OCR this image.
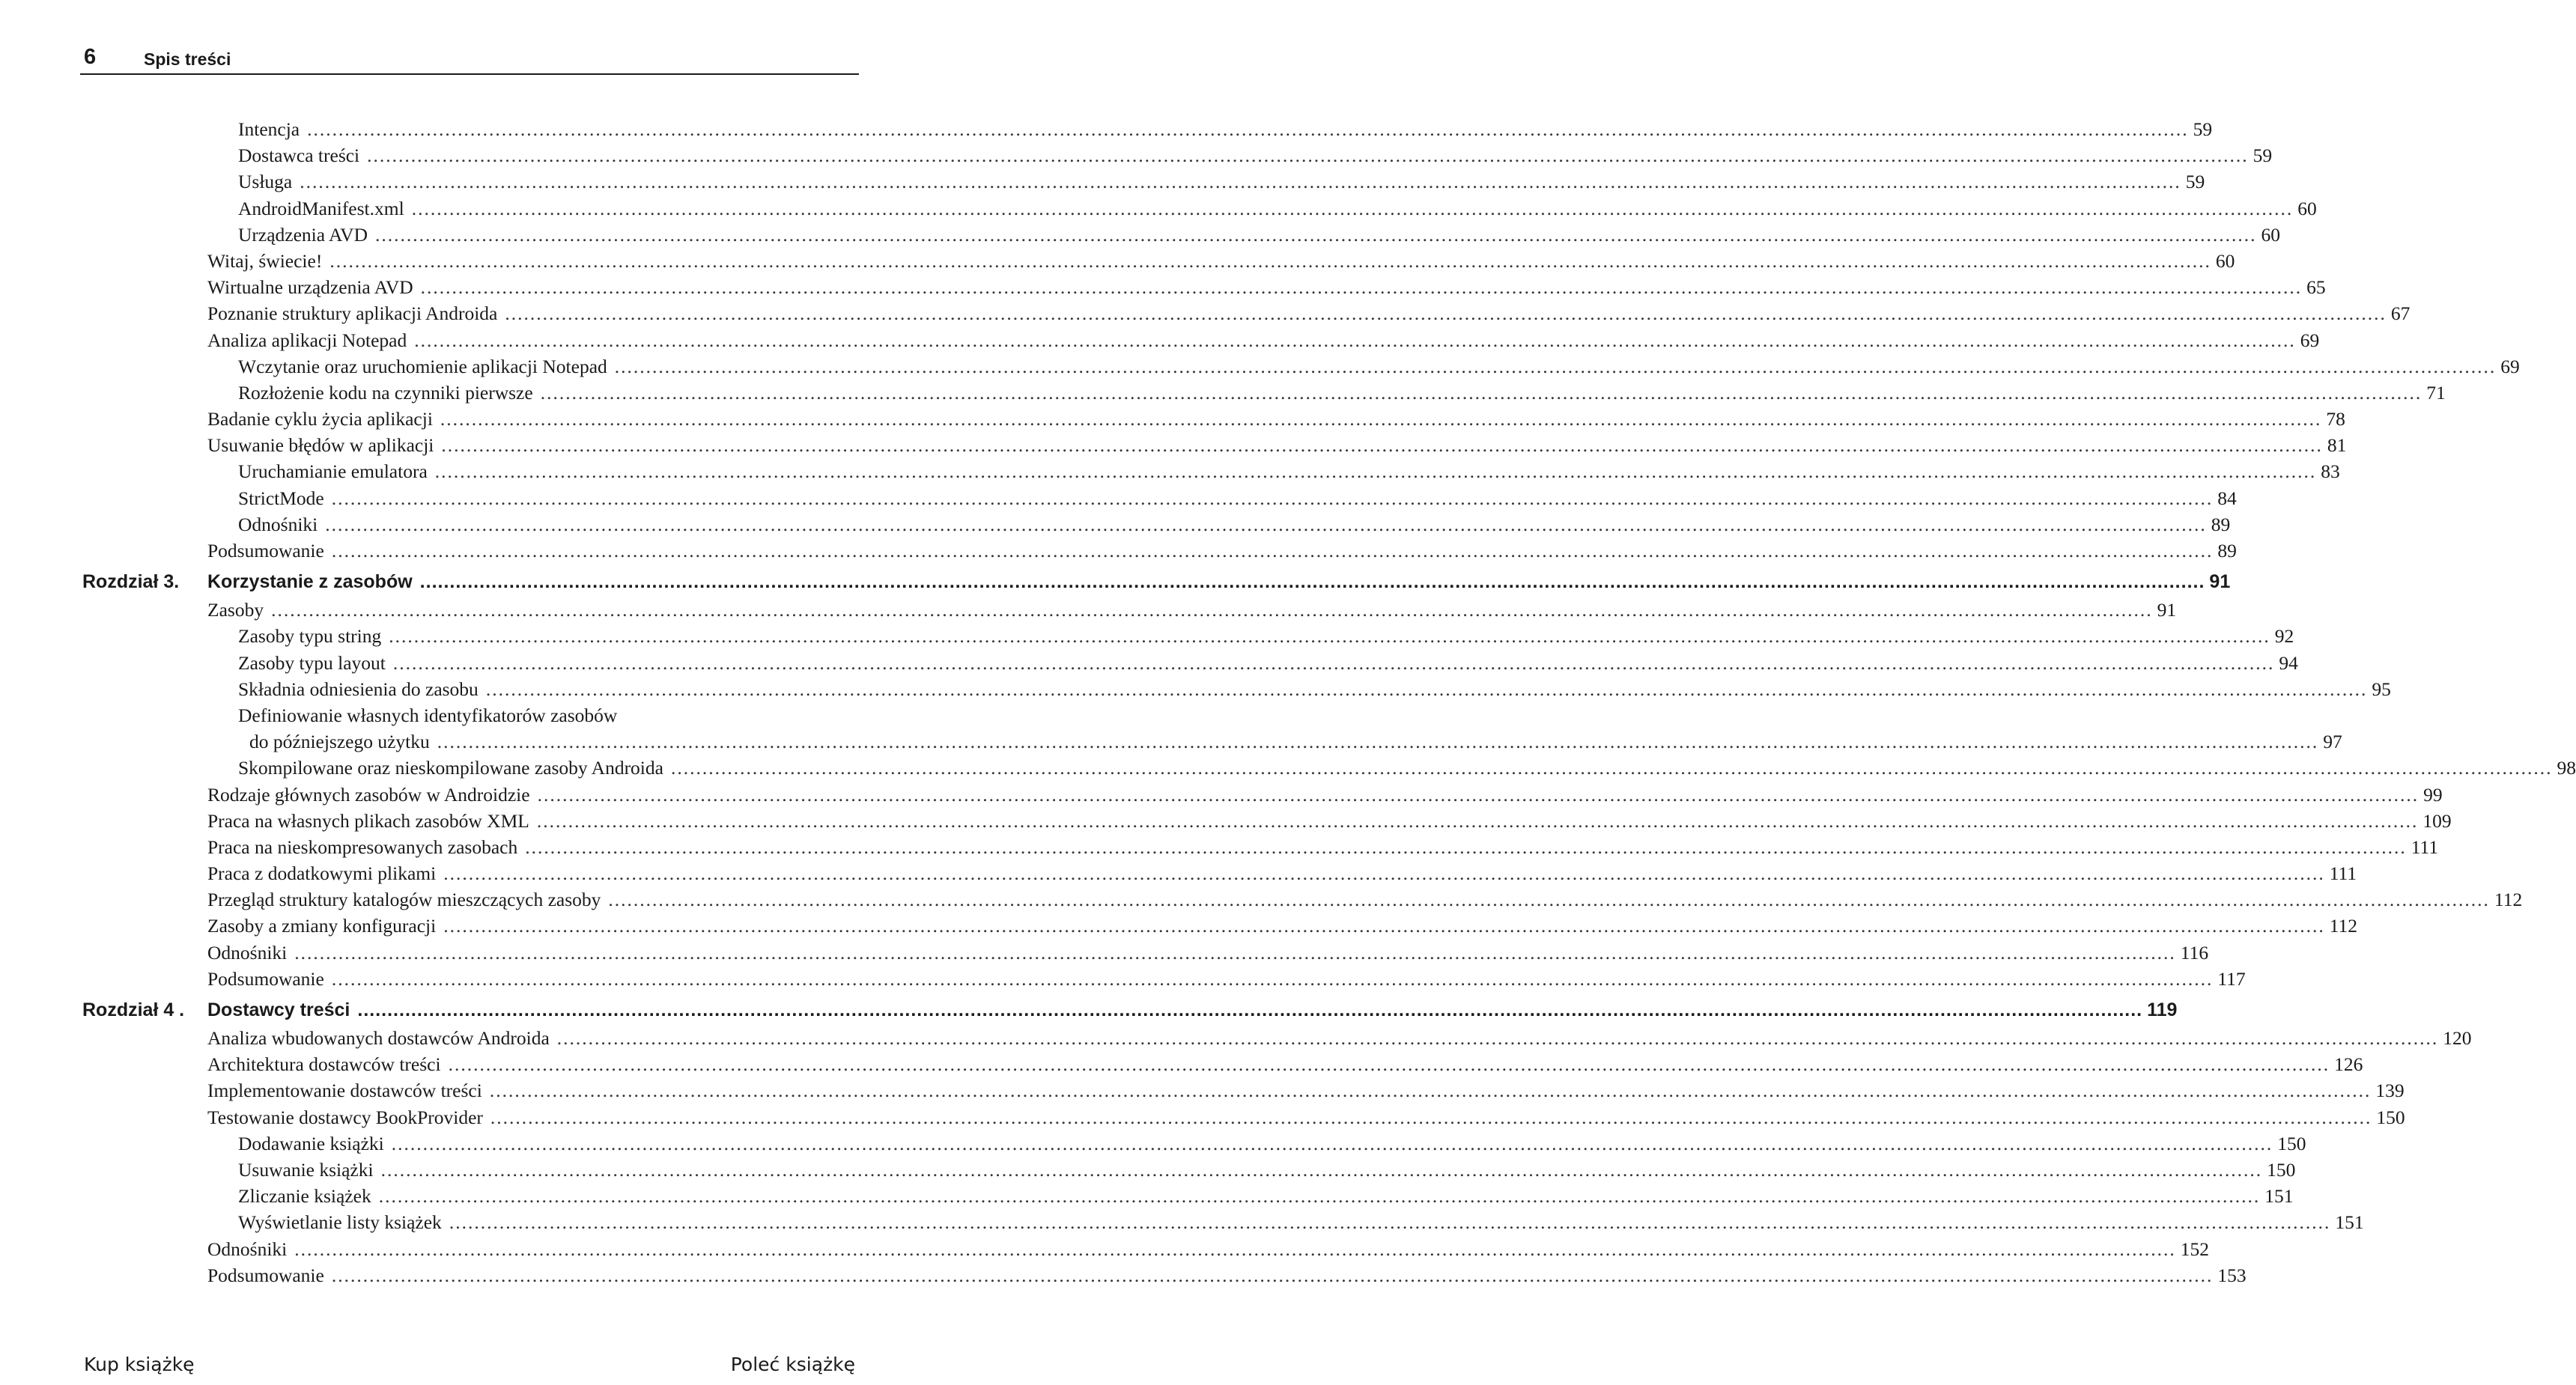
6	Spis treści
Intencja ............................................................................................................................................................................................................................................................................................................ 59
Dostawca treści ............................................................................................................................................................................................................................................................................................................ 59
Usługa ............................................................................................................................................................................................................................................................................................................ 59
AndroidManifest.xml ............................................................................................................................................................................................................................................................................................................ 60
Urządzenia AVD ............................................................................................................................................................................................................................................................................................................ 60
Witaj, świecie! ............................................................................................................................................................................................................................................................................................................ 60
Wirtualne urządzenia AVD ............................................................................................................................................................................................................................................................................................................ 65
Poznanie struktury aplikacji Androida ............................................................................................................................................................................................................................................................................................................ 67
Analiza aplikacji Notepad ............................................................................................................................................................................................................................................................................................................ 69
Wczytanie oraz uruchomienie aplikacji Notepad ............................................................................................................................................................................................................................................................................................................ 69
Rozłożenie kodu na czynniki pierwsze ............................................................................................................................................................................................................................................................................................................ 71
Badanie cyklu życia aplikacji ............................................................................................................................................................................................................................................................................................................ 78
Usuwanie błędów w aplikacji ............................................................................................................................................................................................................................................................................................................ 81
Uruchamianie emulatora ............................................................................................................................................................................................................................................................................................................ 83
StrictMode ............................................................................................................................................................................................................................................................................................................ 84
Odnośniki ............................................................................................................................................................................................................................................................................................................ 89
Podsumowanie ............................................................................................................................................................................................................................................................................................................ 89
Rozdział 3. Korzystanie z zasobów ............................................................................................................................................................................................................................................................................................................ 91
Zasoby ............................................................................................................................................................................................................................................................................................................ 91
Zasoby typu string ............................................................................................................................................................................................................................................................................................................ 92
Zasoby typu layout ............................................................................................................................................................................................................................................................................................................ 94
Składnia odniesienia do zasobu ............................................................................................................................................................................................................................................................................................................ 95
Definiowanie własnych identyfikatorów zasobów
do późniejszego użytku ............................................................................................................................................................................................................................................................................................................ 97
Skompilowane oraz nieskompilowane zasoby Androida ............................................................................................................................................................................................................................................................................................................ 98
Rodzaje głównych zasobów w Androidzie ............................................................................................................................................................................................................................................................................................................ 99
Praca na własnych plikach zasobów XML ............................................................................................................................................................................................................................................................................................................ 109
Praca na nieskompresowanych zasobach ............................................................................................................................................................................................................................................................................................................ 111
Praca z dodatkowymi plikami ............................................................................................................................................................................................................................................................................................................ 111
Przegląd struktury katalogów mieszczących zasoby ............................................................................................................................................................................................................................................................................................................ 112
Zasoby a zmiany konfiguracji ............................................................................................................................................................................................................................................................................................................ 112
Odnośniki ............................................................................................................................................................................................................................................................................................................ 116
Podsumowanie ............................................................................................................................................................................................................................................................................................................ 117
Rozdział 4 . Dostawcy treści ............................................................................................................................................................................................................................................................................................................ 119
Analiza wbudowanych dostawców Androida ............................................................................................................................................................................................................................................................................................................ 120
Architektura dostawców treści ............................................................................................................................................................................................................................................................................................................ 126
Implementowanie dostawców treści ............................................................................................................................................................................................................................................................................................................ 139
Testowanie dostawcy BookProvider ............................................................................................................................................................................................................................................................................................................ 150
Dodawanie książki ............................................................................................................................................................................................................................................................................................................ 150
Usuwanie książki ............................................................................................................................................................................................................................................................................................................ 150
Zliczanie książek ............................................................................................................................................................................................................................................................................................................ 151
Wyświetlanie listy książek ............................................................................................................................................................................................................................................................................................................ 151
Odnośniki ............................................................................................................................................................................................................................................................................................................ 152
Podsumowanie ............................................................................................................................................................................................................................................................................................................ 153
Kup książkę	Poleć książkę
